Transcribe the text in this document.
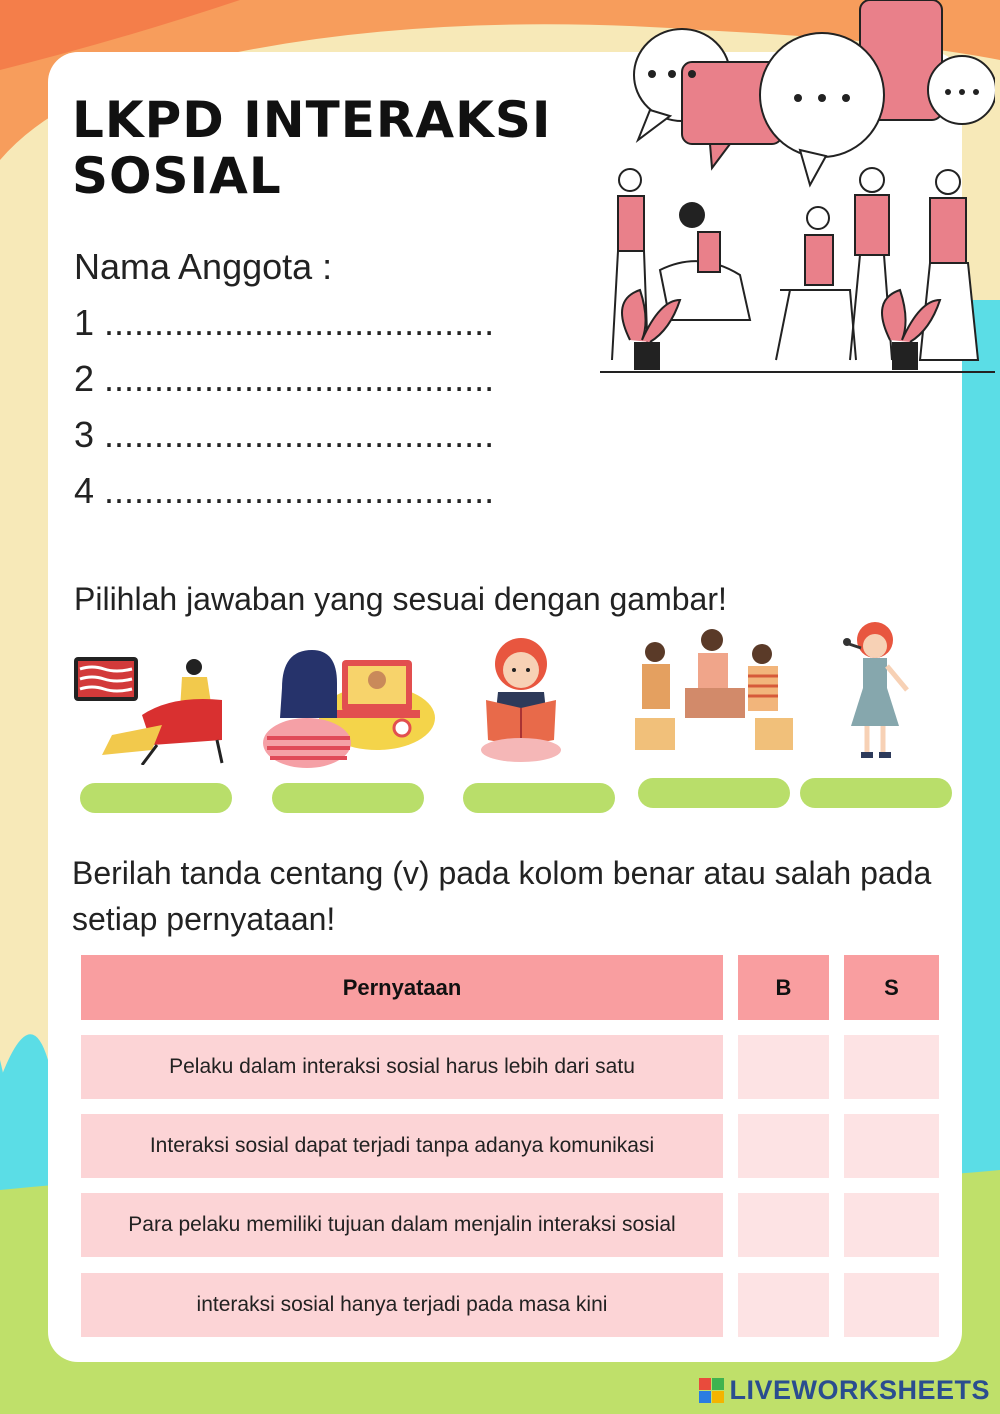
LKPD INTERAKSI SOSIAL
Nama Anggota :
1 .......................................
2 .......................................
3 .......................................
4 .......................................
Pilihlah jawaban yang sesuai dengan gambar!
Berilah tanda centang (v) pada kolom benar atau salah pada setiap pernyataan!
Pernyataan	B	S
Pelaku dalam interaksi sosial harus lebih dari satu
Interaksi sosial dapat terjadi tanpa adanya komunikasi
Para pelaku memiliki tujuan dalam menjalin interaksi sosial
interaksi sosial hanya terjadi pada masa kini
LIVEWORKSHEETS
